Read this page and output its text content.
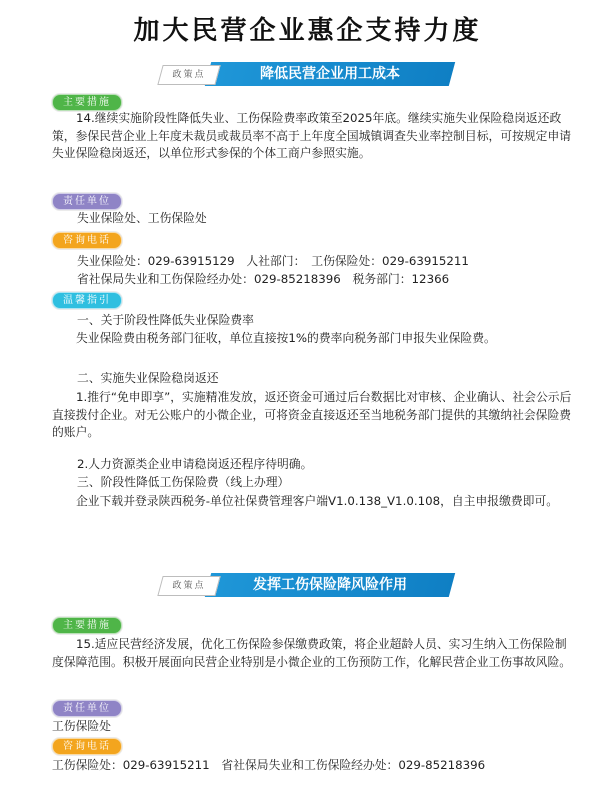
加大民营企业惠企支持力度
降低民营企业用工成本
政策点
主要措施
14.继续实施阶段性降低失业、工伤保险费率政策至2025年底。继续实施失业保险稳岗返还政策，参保民营企业上年度未裁员或裁员率不高于上年度全国城镇调查失业率控制目标，可按规定申请失业保险稳岗返还，以单位形式参保的个体工商户参照实施。
责任单位
失业保险处、工伤保险处
咨询电话
失业保险处：029-63915129　人社部门：　工伤保险处：029-63915211
省社保局失业和工伤保险经办处：029-85218396　税务部门：12366
温馨指引
一、关于阶段性降低失业保险费率
失业保险费由税务部门征收，单位直接按1%的费率向税务部门申报失业保险费。
二、实施失业保险稳岗返还
1.推行“免申即享”，实施精准发放，返还资金可通过后台数据比对审核、企业确认、社会公示后直接拨付企业。对无公账户的小微企业，可将资金直接返还至当地税务部门提供的其缴纳社会保险费的账户。
2.人力资源类企业申请稳岗返还程序待明确。
三、阶段性降低工伤保险费（线上办理）
企业下载并登录陕西税务-单位社保费管理客户端V1.0.138_V1.0.108，自主申报缴费即可。
发挥工伤保险降风险作用
政策点
主要措施
15.适应民营经济发展，优化工伤保险参保缴费政策，将企业超龄人员、实习生纳入工伤保险制度保障范围。积极开展面向民营企业特别是小微企业的工伤预防工作，化解民营企业工伤事故风险。
责任单位
工伤保险处
咨询电话
工伤保险处：029-63915211　省社保局失业和工伤保险经办处：029-85218396
